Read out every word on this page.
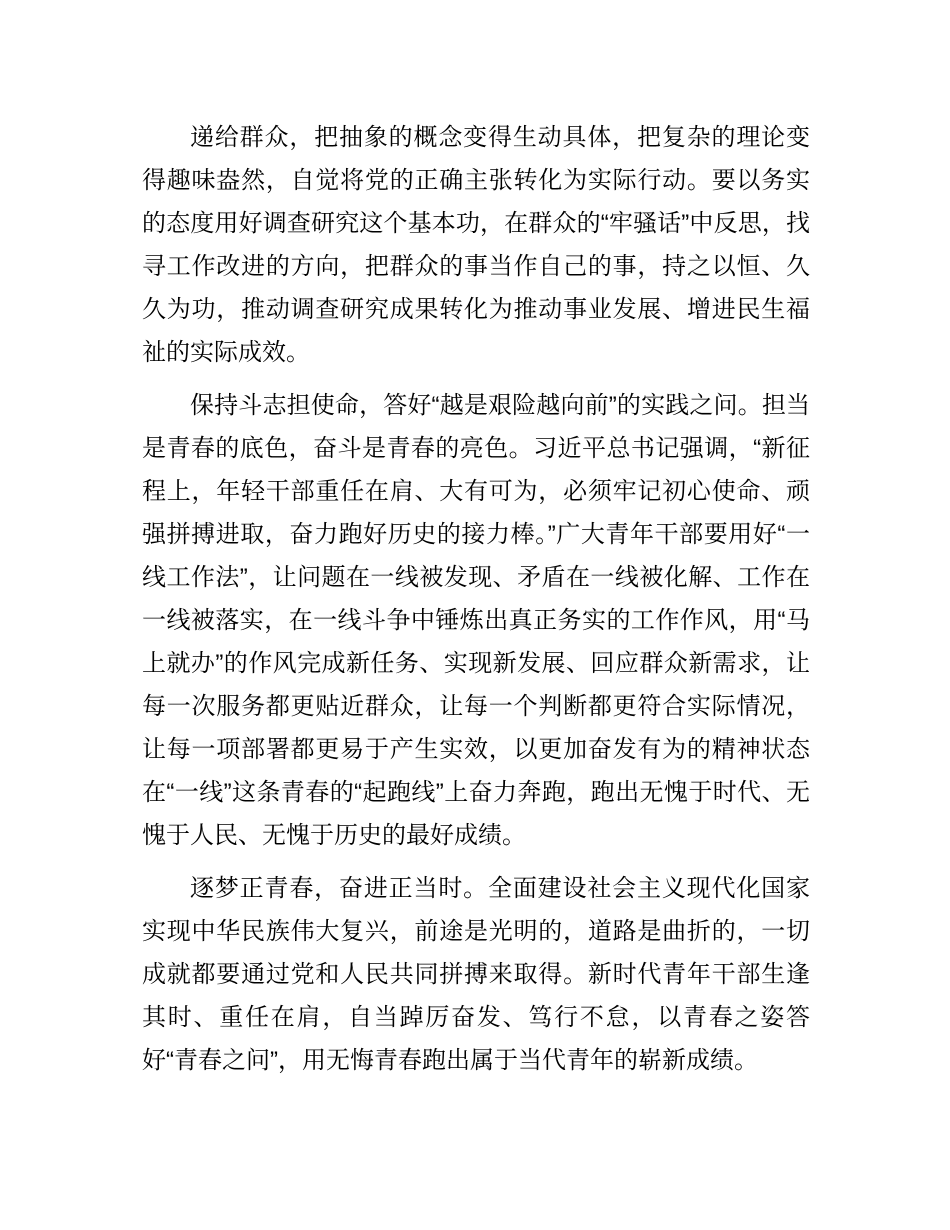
递给群众，把抽象的概念变得生动具体，把复杂的理论变得趣味盎然，自觉将党的正确主张转化为实际行动。要以务实的态度用好调查研究这个基本功，在群众的“牢骚话”中反思，找寻工作改进的方向，把群众的事当作自己的事，持之以恒、久久为功，推动调查研究成果转化为推动事业发展、增进民生福祉的实际成效。

保持斗志担使命，答好“越是艰险越向前”的实践之问。担当是青春的底色，奋斗是青春的亮色。习近平总书记强调，“新征程上，年轻干部重任在肩、大有可为，必须牢记初心使命、顽强拼搏进取，奋力跑好历史的接力棒。”广大青年干部要用好“一线工作法”，让问题在一线被发现、矛盾在一线被化解、工作在一线被落实，在一线斗争中锤炼出真正务实的工作作风，用“马上就办”的作风完成新任务、实现新发展、回应群众新需求，让每一次服务都更贴近群众，让每一个判断都更符合实际情况，让每一项部署都更易于产生实效，以更加奋发有为的精神状态在“一线”这条青春的“起跑线”上奋力奔跑，跑出无愧于时代、无愧于人民、无愧于历史的最好成绩。

逐梦正青春，奋进正当时。全面建设社会主义现代化国家实现中华民族伟大复兴，前途是光明的，道路是曲折的，一切成就都要通过党和人民共同拼搏来取得。新时代青年干部生逢其时、重任在肩，自当踔厉奋发、笃行不怠，以青春之姿答好“青春之问”，用无悔青春跑出属于当代青年的崭新成绩。
